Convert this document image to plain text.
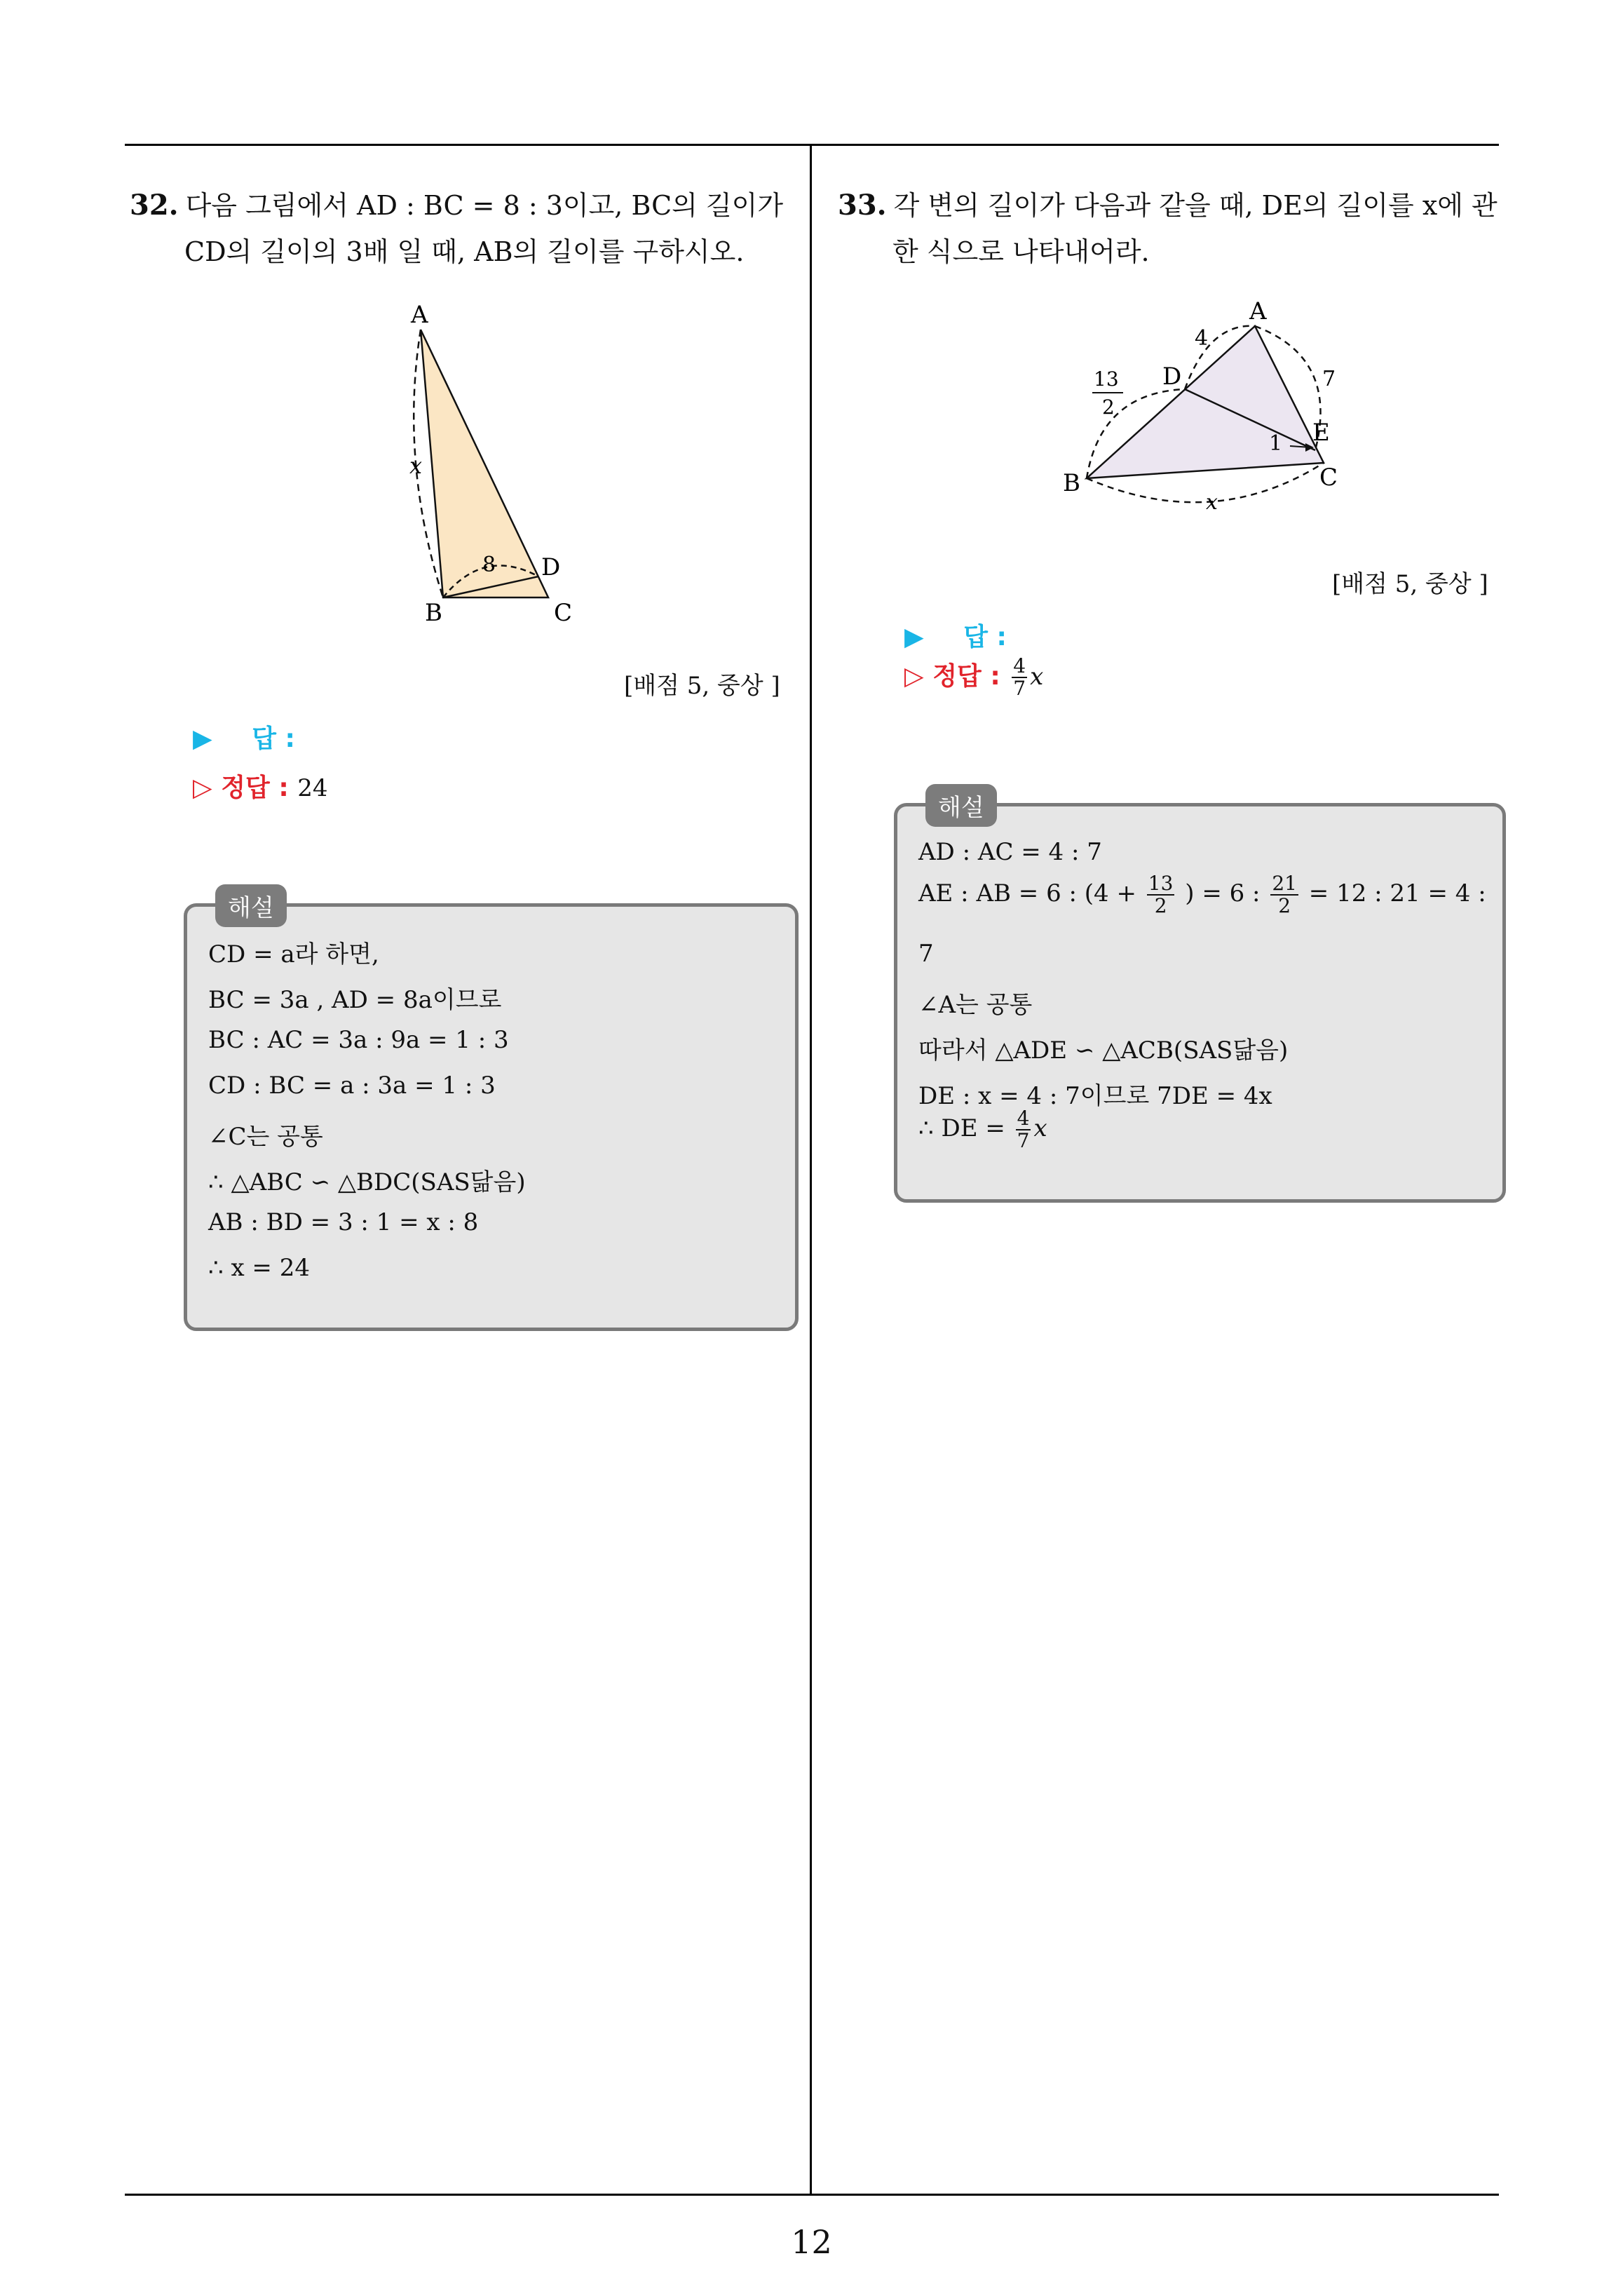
32. 다음 그림에서 AD : BC = 8 : 3이고, BC의 길이가
CD의 길이의 3배 일 때, AB의 길이를 구하시오.
A
B	C
D
x
8
[배점 5, 중상 ]
▶ 답 :
▷ 정답 : 24
해설
CD = a라 하면,
BC = 3a , AD = 8a이므로
BC : AC = 3a : 9a = 1 : 3
CD : BC = a : 3a = 1 : 3
∠C는 공통
∴ △ABC ∽ △BDC(SAS닮음)
AB : BD = 3 : 1 = x : 8
∴ x = 24
33. 각 변의 길이가 다음과 같을 때, DE의 길이를 x에 관
한 식으로 나타내어라.
A
B	C
D
E
x
4
7
1
13
2
[배점 5, 중상 ]
▶ 답 :
▷ 정답 : $\frac{4}{7}$ x
해설
AD : AC = 4 : 7
AE : AB = 6 : ($4 + \frac{13}{2}$ ) = 6 : $\frac{21}{2} = 12$ : 21 = 4 :
7
∠A는 공통
따라서 △ADE ∽ △ACB(SAS닮음)
DE : x = 4 : 7이므로 7DE = 4x
∴ DE = $\frac{4}{7}$ x
12
